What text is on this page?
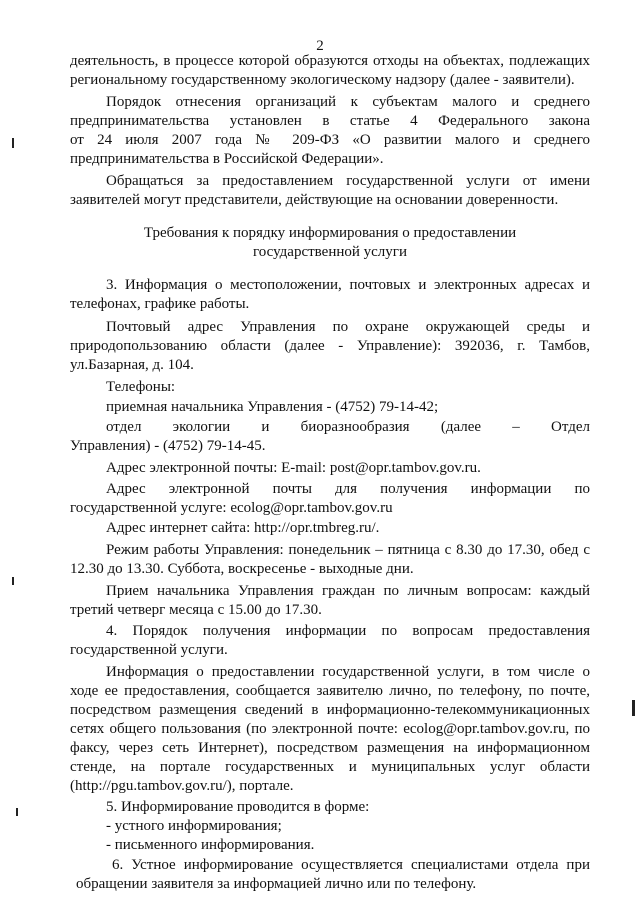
2
деятельность, в процессе которой образуются отходы на объектах, подлежащих
региональному государственному экологическому надзору (далее - заявители).
Порядок отнесения организаций к субъектам малого и среднего
предпринимательства установлен в статье 4 Федерального закона
от 24 июля 2007 года № 209-ФЗ «О развитии малого и среднего
предпринимательства в Российской Федерации».
Обращаться за предоставлением государственной услуги от имени
заявителей могут представители, действующие на основании доверенности.
Требования к порядку информирования о предоставлении
государственной услуги
3. Информация о местоположении, почтовых и электронных адресах и
телефонах, графике работы.
Почтовый адрес Управления по охране окружающей среды и
природопользованию области (далее - Управление): 392036, г. Тамбов,
ул.Базарная, д. 104.
Телефоны:
приемная начальника Управления - (4752) 79-14-42;
отдел экологии и биоразнообразия (далее – Отдел
Управления) - (4752) 79-14-45.
Адрес электронной почты: E-mail: post@opr.tambov.gov.ru.
Адрес электронной почты для получения информации по
государственной услуге: ecolog@opr.tambov.gov.ru
Адрес интернет сайта: http://opr.tmbreg.ru/.
Режим работы Управления: понедельник – пятница с 8.30 до 17.30, обед с
12.30 до 13.30. Суббота, воскресенье - выходные дни.
Прием начальника Управления граждан по личным вопросам: каждый
третий четверг месяца с 15.00 до 17.30.
4. Порядок получения информации по вопросам предоставления
государственной услуги.
Информация о предоставлении государственной услуги, в том числе о
ходе ее предоставления, сообщается заявителю лично, по телефону, по почте,
посредством размещения сведений в информационно-телекоммуникационных
сетях общего пользования (по электронной почте: ecolog@opr.tambov.gov.ru, по
факсу, через сеть Интернет), посредством размещения на информационном
стенде, на портале государственных и муниципальных услуг области
(http://pgu.tambov.gov.ru/), портале.
5. Информирование проводится в форме:
- устного информирования;
- письменного информирования.
6. Устное информирование осуществляется специалистами отдела при
обращении заявителя за информацией лично или по телефону.
